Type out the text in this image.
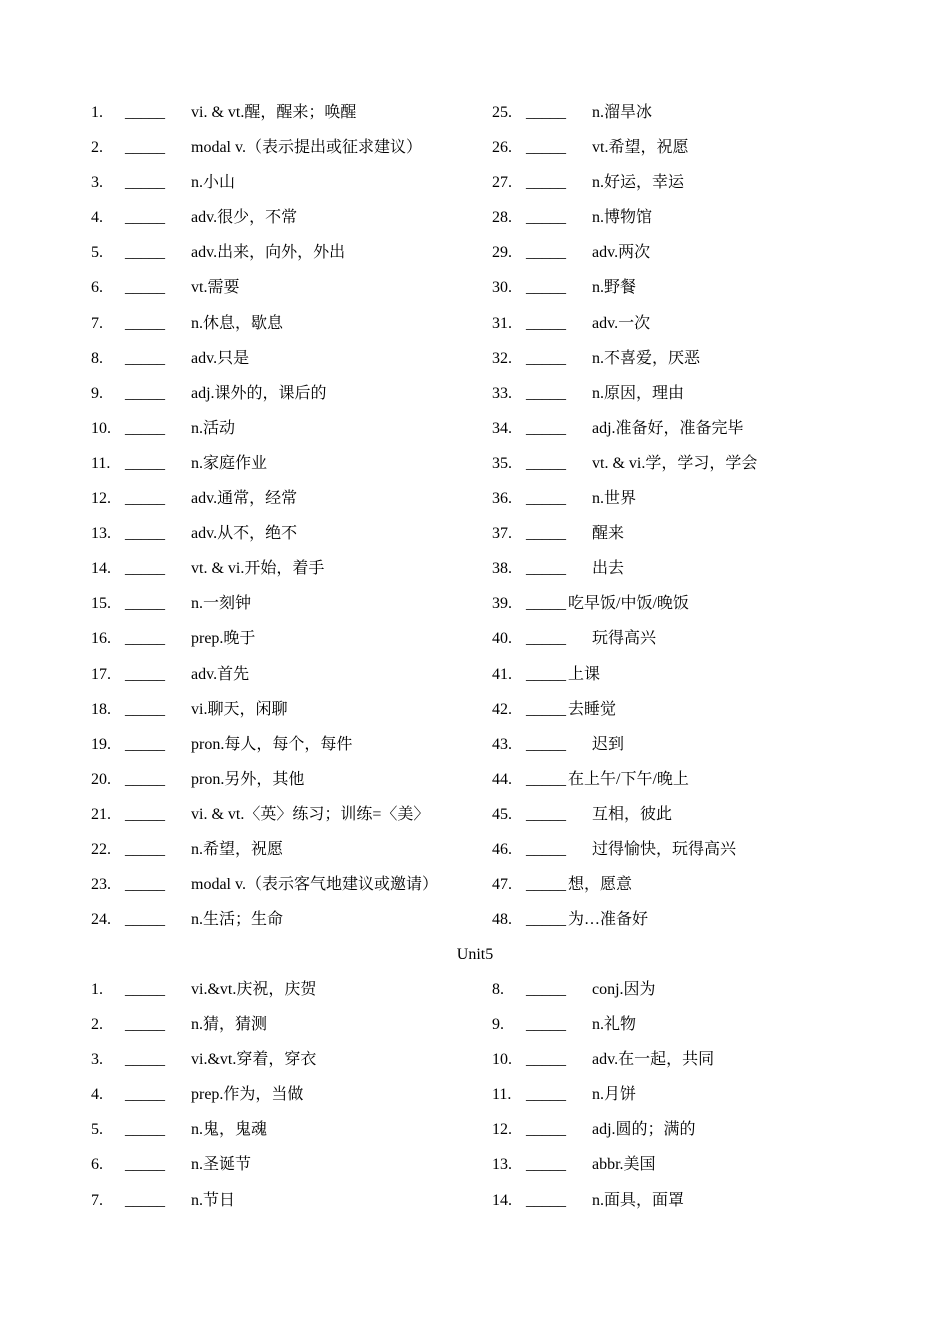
1. _____ vi. & vt.醒，醒来；唤醒
2. _____ modal v.（表示提出或征求建议）
3. _____ n.小山
4. _____ adv.很少，不常
5. _____ adv.出来，向外，外出
6. _____ vt.需要
7. _____ n.休息，歇息
8. _____ adv.只是
9. _____ adj.课外的，课后的
10. _____ n.活动
11. _____ n.家庭作业
12. _____ adv.通常，经常
13. _____ adv.从不，绝不
14. _____ vt. & vi.开始，着手
15. _____ n.一刻钟
16. _____ prep.晚于
17. _____ adv.首先
18. _____ vi.聊天，闲聊
19. _____ pron.每人，每个，每件
20. _____ pron.另外，其他
21. _____ vi. & vt.〈英〉练习；训练=〈美〉
22. _____ n.希望，祝愿
23. _____ modal v.（表示客气地建议或邀请）
24. _____ n.生活；生命
25. _____ n.溜旱冰
26. _____ vt.希望，祝愿
27. _____ n.好运，幸运
28. _____ n.博物馆
29. _____ adv.两次
30. _____ n.野餐
31. _____ adv.一次
32. _____ n.不喜爱，厌恶
33. _____ n.原因，理由
34. _____ adj.准备好，准备完毕
35. _____ vt. & vi.学，学习，学会
36. _____ n.世界
37. _____ 醒来
38. _____ 出去
39. _____ 吃早饭/中饭/晚饭
40. _____ 玩得高兴
41. _____ 上课
42. _____ 去睡觉
43. _____ 迟到
44. _____ 在上午/下午/晚上
45. _____ 互相，彼此
46. _____ 过得愉快，玩得高兴
47. _____ 想，愿意
48. _____ 为…准备好
Unit5
1. _____ vi.&vt.庆祝，庆贺
2. _____ n.猜，猜测
3. _____ vi.&vt.穿着，穿衣
4. _____ prep.作为，当做
5. _____ n.鬼，鬼魂
6. _____ n.圣诞节
7. _____ n.节日
8. _____ conj.因为
9. _____ n.礼物
10. _____ adv.在一起，共同
11. _____ n.月饼
12. _____ adj.圆的；满的
13. _____ abbr.美国
14. _____ n.面具，面罩
